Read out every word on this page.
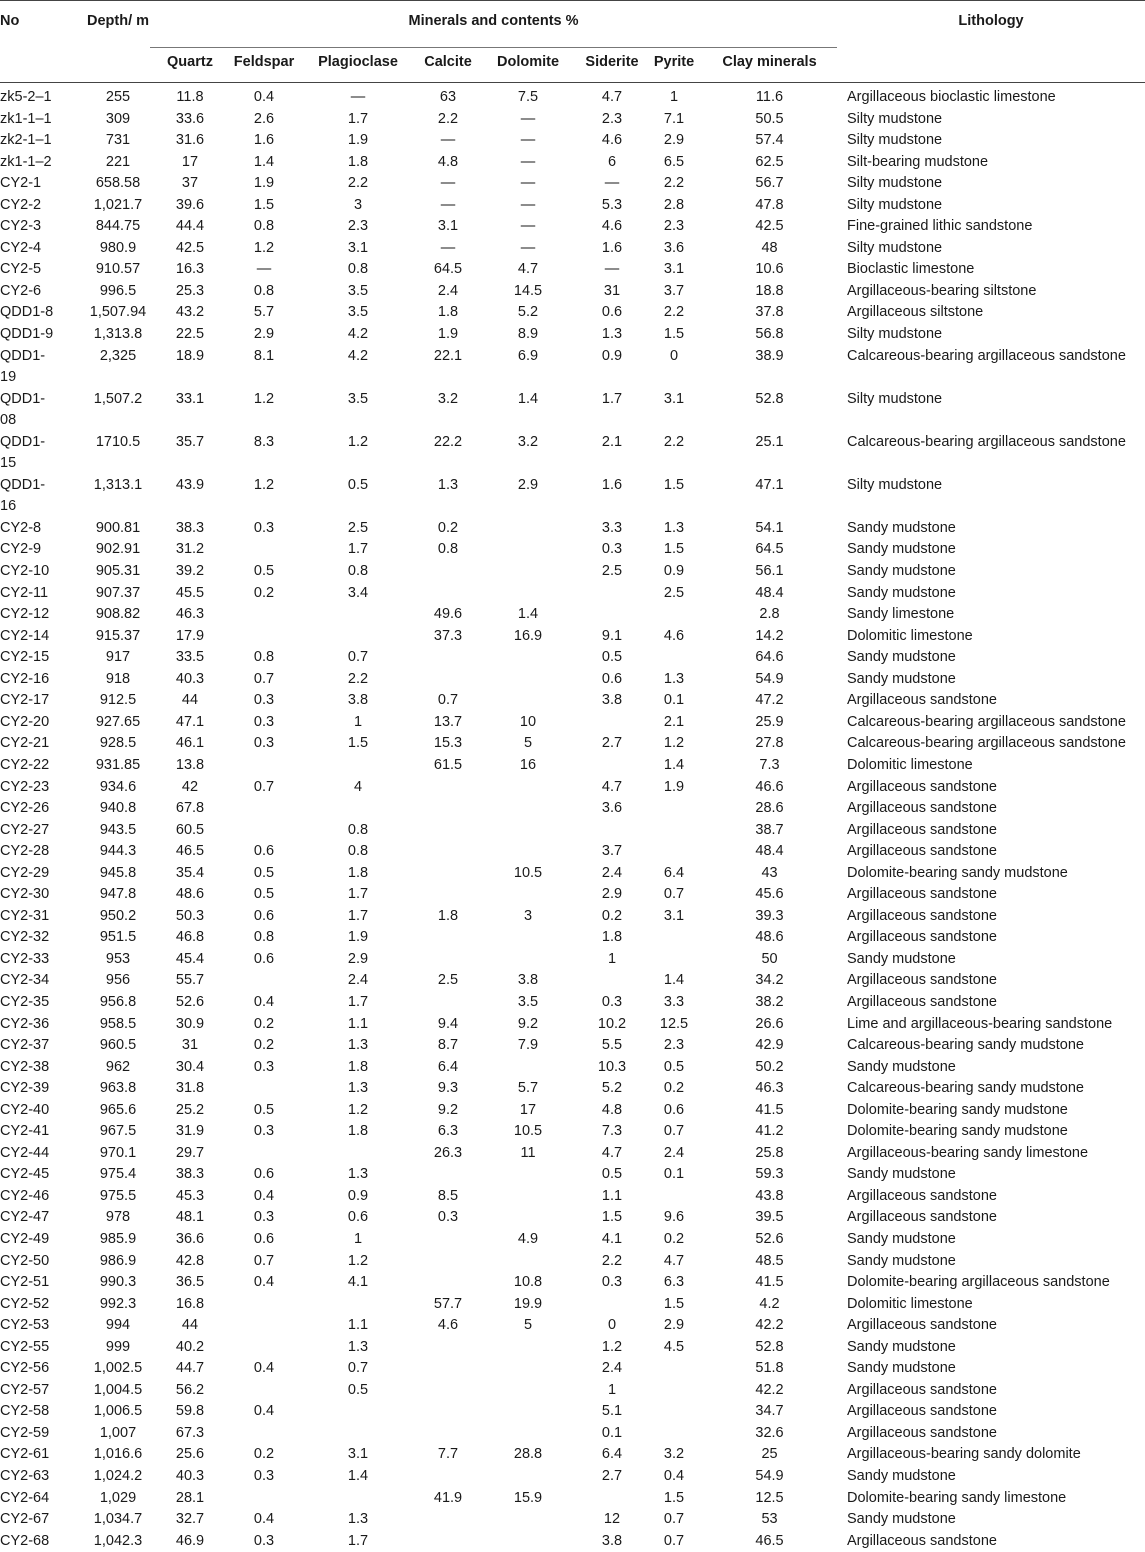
No	Depth/ m	Minerals and contents %								Lithology
		Quartz	Feldspar	Plagioclase	Calcite	Dolomite	Siderite	Pyrite	Clay minerals	
zk5-2–1	255	11.8	0.4	—	63	7.5	4.7	1	11.6	Argillaceous bioclastic limestone
zk1-1–1	309	33.6	2.6	1.7	2.2	—	2.3	7.1	50.5	Silty mudstone
zk2-1–1	731	31.6	1.6	1.9	—	—	4.6	2.9	57.4	Silty mudstone
zk1-1–2	221	17	1.4	1.8	4.8	—	6	6.5	62.5	Silt-bearing mudstone
CY2-1	658.58	37	1.9	2.2	—	—	—	2.2	56.7	Silty mudstone
CY2-2	1,021.7	39.6	1.5	3	—	—	5.3	2.8	47.8	Silty mudstone
CY2-3	844.75	44.4	0.8	2.3	3.1	—	4.6	2.3	42.5	Fine-grained lithic sandstone
CY2-4	980.9	42.5	1.2	3.1	—	—	1.6	3.6	48	Silty mudstone
CY2-5	910.57	16.3	—	0.8	64.5	4.7	—	3.1	10.6	Bioclastic limestone
CY2-6	996.5	25.3	0.8	3.5	2.4	14.5	31	3.7	18.8	Argillaceous-bearing siltstone
QDD1-8	1,507.94	43.2	5.7	3.5	1.8	5.2	0.6	2.2	37.8	Argillaceous siltstone
QDD1-9	1,313.8	22.5	2.9	4.2	1.9	8.9	1.3	1.5	56.8	Silty mudstone
QDD1-
19	2,325	18.9	8.1	4.2	22.1	6.9	0.9	0	38.9	Calcareous-bearing argillaceous sandstone
QDD1-
08	1,507.2	33.1	1.2	3.5	3.2	1.4	1.7	3.1	52.8	Silty mudstone
QDD1-
15	1710.5	35.7	8.3	1.2	22.2	3.2	2.1	2.2	25.1	Calcareous-bearing argillaceous sandstone
QDD1-
16	1,313.1	43.9	1.2	0.5	1.3	2.9	1.6	1.5	47.1	Silty mudstone
CY2-8	900.81	38.3	0.3	2.5	0.2		3.3	1.3	54.1	Sandy mudstone
CY2-9	902.91	31.2		1.7	0.8		0.3	1.5	64.5	Sandy mudstone
CY2-10	905.31	39.2	0.5	0.8			2.5	0.9	56.1	Sandy mudstone
CY2-11	907.37	45.5	0.2	3.4				2.5	48.4	Sandy mudstone
CY2-12	908.82	46.3			49.6	1.4			2.8	Sandy limestone
CY2-14	915.37	17.9			37.3	16.9	9.1	4.6	14.2	Dolomitic limestone
CY2-15	917	33.5	0.8	0.7			0.5		64.6	Sandy mudstone
CY2-16	918	40.3	0.7	2.2			0.6	1.3	54.9	Sandy mudstone
CY2-17	912.5	44	0.3	3.8	0.7		3.8	0.1	47.2	Argillaceous sandstone
CY2-20	927.65	47.1	0.3	1	13.7	10		2.1	25.9	Calcareous-bearing argillaceous sandstone
CY2-21	928.5	46.1	0.3	1.5	15.3	5	2.7	1.2	27.8	Calcareous-bearing argillaceous sandstone
CY2-22	931.85	13.8			61.5	16		1.4	7.3	Dolomitic limestone
CY2-23	934.6	42	0.7	4			4.7	1.9	46.6	Argillaceous sandstone
CY2-26	940.8	67.8					3.6		28.6	Argillaceous sandstone
CY2-27	943.5	60.5		0.8					38.7	Argillaceous sandstone
CY2-28	944.3	46.5	0.6	0.8			3.7		48.4	Argillaceous sandstone
CY2-29	945.8	35.4	0.5	1.8		10.5	2.4	6.4	43	Dolomite-bearing sandy mudstone
CY2-30	947.8	48.6	0.5	1.7			2.9	0.7	45.6	Argillaceous sandstone
CY2-31	950.2	50.3	0.6	1.7	1.8	3	0.2	3.1	39.3	Argillaceous sandstone
CY2-32	951.5	46.8	0.8	1.9			1.8		48.6	Argillaceous sandstone
CY2-33	953	45.4	0.6	2.9			1		50	Sandy mudstone
CY2-34	956	55.7		2.4	2.5	3.8		1.4	34.2	Argillaceous sandstone
CY2-35	956.8	52.6	0.4	1.7		3.5	0.3	3.3	38.2	Argillaceous sandstone
CY2-36	958.5	30.9	0.2	1.1	9.4	9.2	10.2	12.5	26.6	Lime and argillaceous-bearing sandstone
CY2-37	960.5	31	0.2	1.3	8.7	7.9	5.5	2.3	42.9	Calcareous-bearing sandy mudstone
CY2-38	962	30.4	0.3	1.8	6.4		10.3	0.5	50.2	Sandy mudstone
CY2-39	963.8	31.8		1.3	9.3	5.7	5.2	0.2	46.3	Calcareous-bearing sandy mudstone
CY2-40	965.6	25.2	0.5	1.2	9.2	17	4.8	0.6	41.5	Dolomite-bearing sandy mudstone
CY2-41	967.5	31.9	0.3	1.8	6.3	10.5	7.3	0.7	41.2	Dolomite-bearing sandy mudstone
CY2-44	970.1	29.7			26.3	11	4.7	2.4	25.8	Argillaceous-bearing sandy limestone
CY2-45	975.4	38.3	0.6	1.3			0.5	0.1	59.3	Sandy mudstone
CY2-46	975.5	45.3	0.4	0.9	8.5		1.1		43.8	Argillaceous sandstone
CY2-47	978	48.1	0.3	0.6	0.3		1.5	9.6	39.5	Argillaceous sandstone
CY2-49	985.9	36.6	0.6	1		4.9	4.1	0.2	52.6	Sandy mudstone
CY2-50	986.9	42.8	0.7	1.2			2.2	4.7	48.5	Sandy mudstone
CY2-51	990.3	36.5	0.4	4.1		10.8	0.3	6.3	41.5	Dolomite-bearing argillaceous sandstone
CY2-52	992.3	16.8			57.7	19.9		1.5	4.2	Dolomitic limestone
CY2-53	994	44		1.1	4.6	5	0	2.9	42.2	Argillaceous sandstone
CY2-55	999	40.2		1.3			1.2	4.5	52.8	Sandy mudstone
CY2-56	1,002.5	44.7	0.4	0.7			2.4		51.8	Sandy mudstone
CY2-57	1,004.5	56.2		0.5			1		42.2	Argillaceous sandstone
CY2-58	1,006.5	59.8	0.4				5.1		34.7	Argillaceous sandstone
CY2-59	1,007	67.3					0.1		32.6	Argillaceous sandstone
CY2-61	1,016.6	25.6	0.2	3.1	7.7	28.8	6.4	3.2	25	Argillaceous-bearing sandy dolomite
CY2-63	1,024.2	40.3	0.3	1.4			2.7	0.4	54.9	Sandy mudstone
CY2-64	1,029	28.1			41.9	15.9		1.5	12.5	Dolomite-bearing sandy limestone
CY2-67	1,034.7	32.7	0.4	1.3			12	0.7	53	Sandy mudstone
CY2-68	1,042.3	46.9	0.3	1.7			3.8	0.7	46.5	Argillaceous sandstone
